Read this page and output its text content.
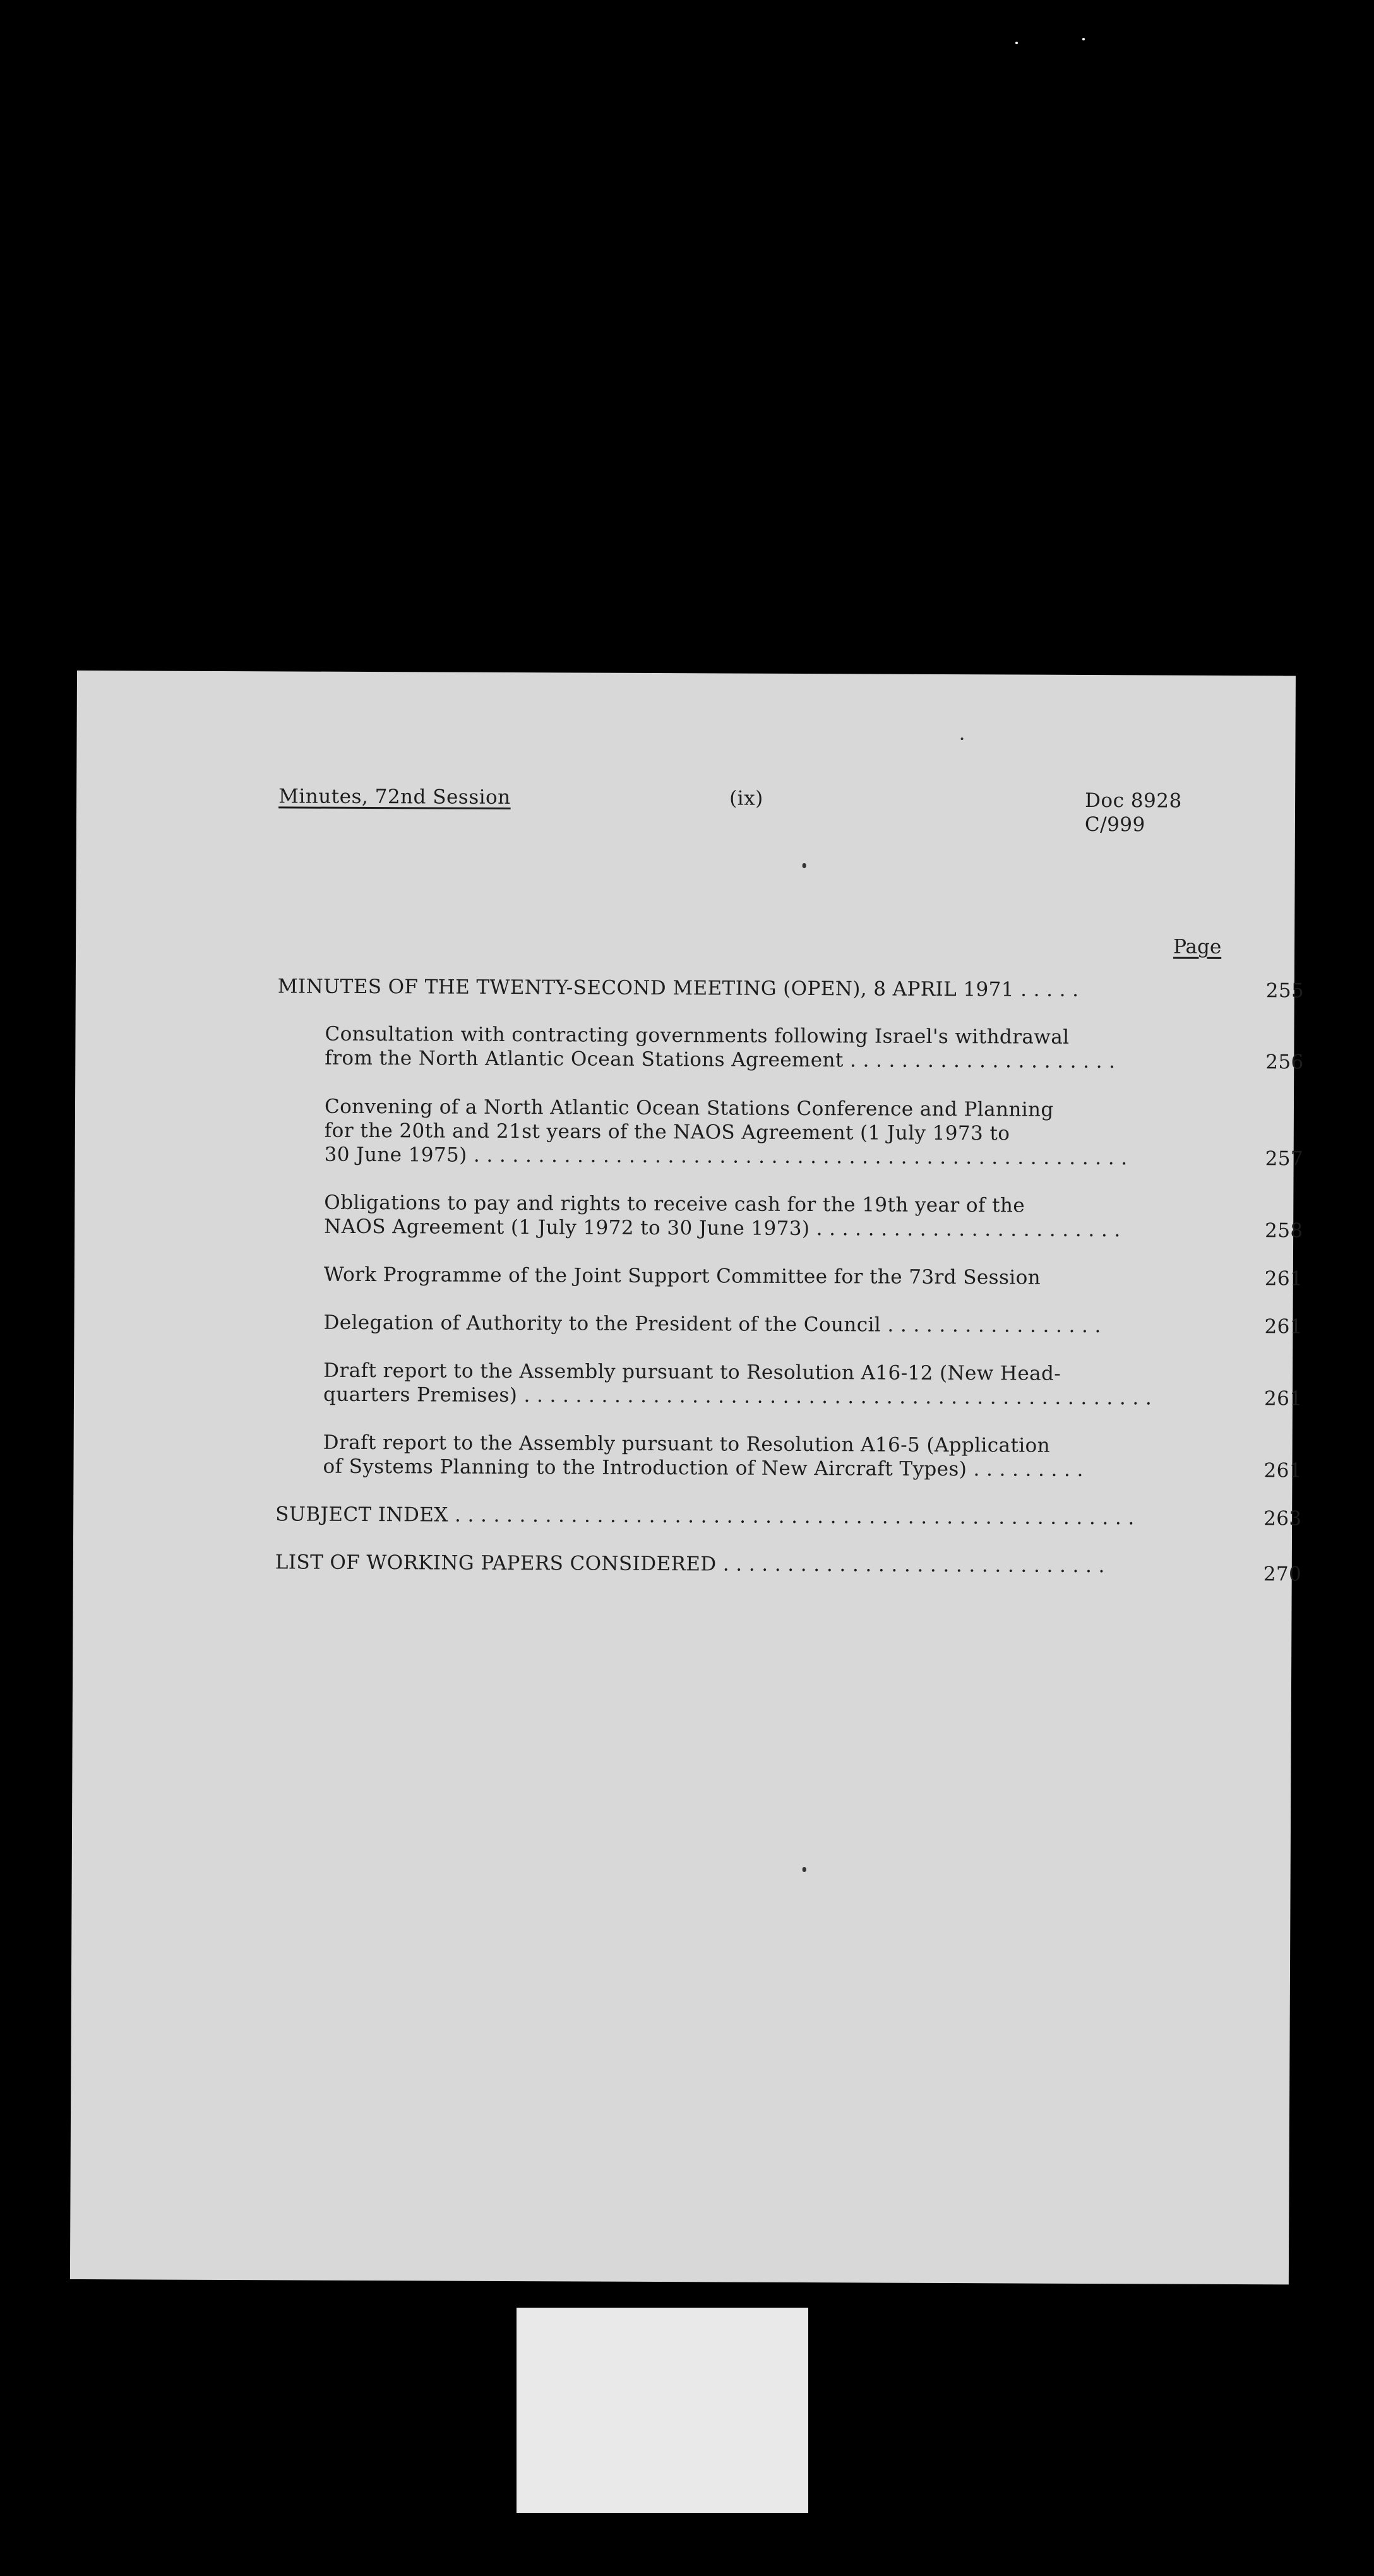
Minutes, 72nd Session	(ix)	Doc 8928
C/999
Page
MINUTES OF THE TWENTY-SECOND MEETING (OPEN), 8 APRIL 1971 . . . . .	255
Consultation with contracting governments following Israel's withdrawal
from the North Atlantic Ocean Stations Agreement . . . . . . . . . . . . . . . . . . . . .	256
Convening of a North Atlantic Ocean Stations Conference and Planning
for the 20th and 21st years of the NAOS Agreement (1 July 1973 to
30 June 1975) . . . . . . . . . . . . . . . . . . . . . . . . . . . . . . . . . . . . . . . . . . . . . . . . . . .	257
Obligations to pay and rights to receive cash for the 19th year of the
NAOS Agreement (1 July 1972 to 30 June 1973) . . . . . . . . . . . . . . . . . . . . . . . .	258
Work Programme of the Joint Support Committee for the 73rd Session	261
Delegation of Authority to the President of the Council . . . . . . . . . . . . . . . . .	261
Draft report to the Assembly pursuant to Resolution A16-12 (New Head-
quarters Premises) . . . . . . . . . . . . . . . . . . . . . . . . . . . . . . . . . . . . . . . . . . . . . . . . .	261
Draft report to the Assembly pursuant to Resolution A16-5 (Application
of Systems Planning to the Introduction of New Aircraft Types) . . . . . . . . .	261
SUBJECT INDEX . . . . . . . . . . . . . . . . . . . . . . . . . . . . . . . . . . . . . . . . . . . . . . . . . . . . .	263
LIST OF WORKING PAPERS CONSIDERED . . . . . . . . . . . . . . . . . . . . . . . . . . . . . .	270
